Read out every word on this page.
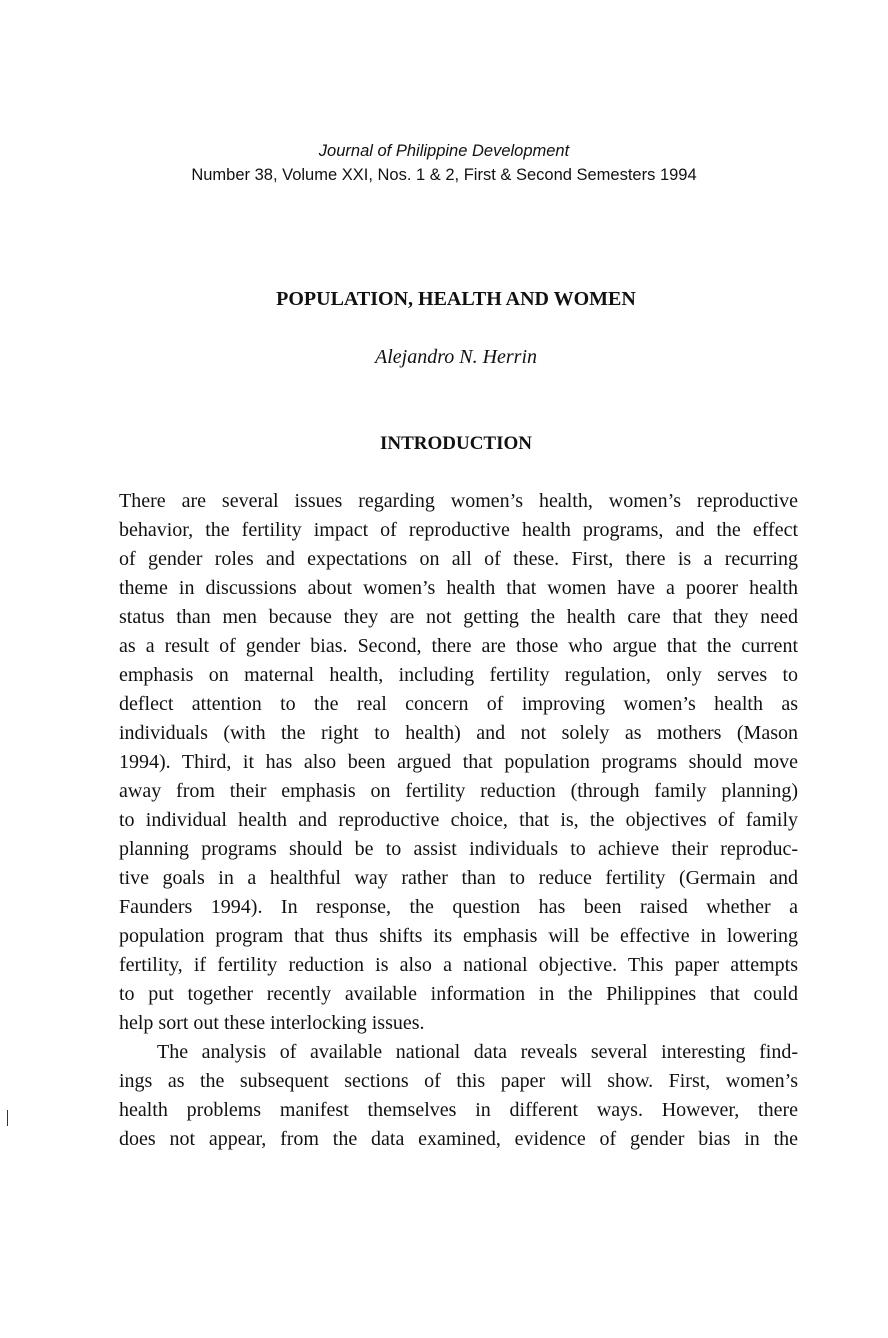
Journal of Philippine Development
Number 38, Volume XXI, Nos. 1 & 2, First & Second Semesters 1994
POPULATION, HEALTH AND WOMEN
Alejandro N. Herrin
INTRODUCTION
There are several issues regarding women’s health, women’s reproductive
behavior, the fertility impact of reproductive health programs, and the effect
of gender roles and expectations on all of these. First, there is a recurring
theme in discussions about women’s health that women have a poorer health
status than men because they are not getting the health care that they need
as a result of gender bias. Second, there are those who argue that the current
emphasis on maternal health, including fertility regulation, only serves to
deflect attention to the real concern of improving women’s health as
individuals (with the right to health) and not solely as mothers (Mason
1994). Third, it has also been argued that population programs should move
away from their emphasis on fertility reduction (through family planning)
to individual health and reproductive choice, that is, the objectives of family
planning programs should be to assist individuals to achieve their reproduc-
tive goals in a healthful way rather than to reduce fertility (Germain and
Faunders 1994). In response, the question has been raised whether a
population program that thus shifts its emphasis will be effective in lowering
fertility, if fertility reduction is also a national objective. This paper attempts
to put together recently available information in the Philippines that could
help sort out these interlocking issues.
The analysis of available national data reveals several interesting find-
ings as the subsequent sections of this paper will show. First, women’s
health problems manifest themselves in different ways. However, there
does not appear, from the data examined, evidence of gender bias in the
